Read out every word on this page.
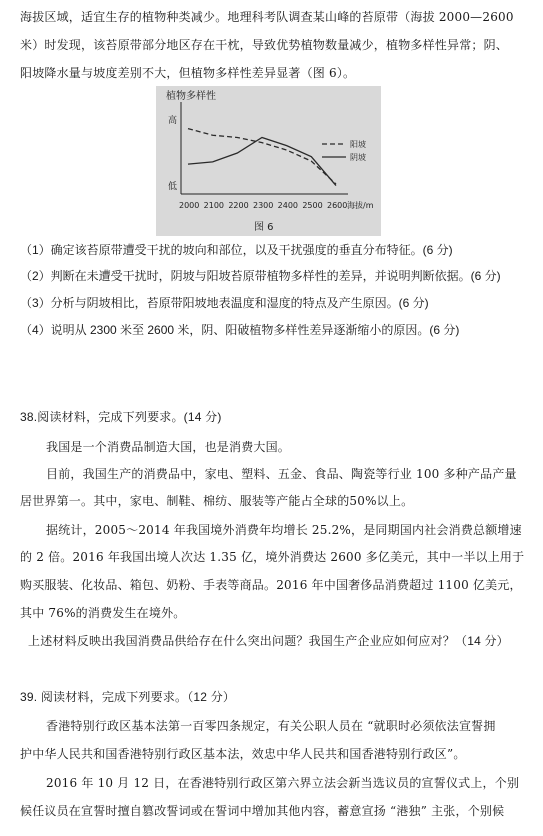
海拔区域，适宜生存的植物种类减少。地理科考队调查某山峰的苔原带（海拔 2000—2600
米）时发现，该苔原带部分地区存在干枕，导致优势植物数量减少，植物多样性异常；阴、
阳坡降水量与坡度差别不大，但植物多样性差异显著（图 6）。
植物多样性
高
低
2000 2100 2200 2300 2400 2500 2600
阳坡
阴坡
海拔/m
图 6
（1）确定该苔原带遭受干扰的坡向和部位，以及干扰强度的垂直分布特征。(6 分)
（2）判断在未遭受干扰时，阴坡与阳坡苔原带植物多样性的差异，并说明判断依据。(6 分)
（3）分析与阴坡相比，苔原带阳坡地表温度和湿度的特点及产生原因。(6 分)
（4）说明从 2300 米至 2600 米，阴、阳破植物多样性差异逐渐缩小的原因。(6 分)
38.阅读材料，完成下列要求。(14 分)
我国是一个消费品制造大国，也是消费大国。
目前，我国生产的消费品中，家电、塑料、五金、食品、陶瓷等行业 100 多种产品产量
居世界第一。其中，家电、制鞋、棉纺、服装等产能占全球的50%以上。
据统计，2005～2014 年我国境外消费年均增长 25.2%，是同期国内社会消费总额增速
的 2 倍。2016 年我国出境人次达 1.35 亿，境外消费达 2600 多亿美元，其中一半以上用于
购买服装、化妆品、箱包、奶粉、手表等商品。2016 年中国奢侈品消费超过 1100 亿美元，
其中 76%的消费发生在境外。
上述材料反映出我国消费品供给存在什么突出问题？我国生产企业应如何应对？（14 分）
39. 阅读材料，完成下列要求。（12 分）
香港特别行政区基本法第一百零四条规定，有关公职人员在 “就职时必须依法宣誓拥
护中华人民共和国香港特别行政区基本法，效忠中华人民共和国香港特别行政区”。
2016 年 10 月 12 日，在香港特别行政区第六界立法会新当选议员的宣誓仪式上，个别
候任议员在宣誓时擅自篡改誓词或在誓词中增加其他内容，蓄意宣扬 “港独” 主张，个别候
